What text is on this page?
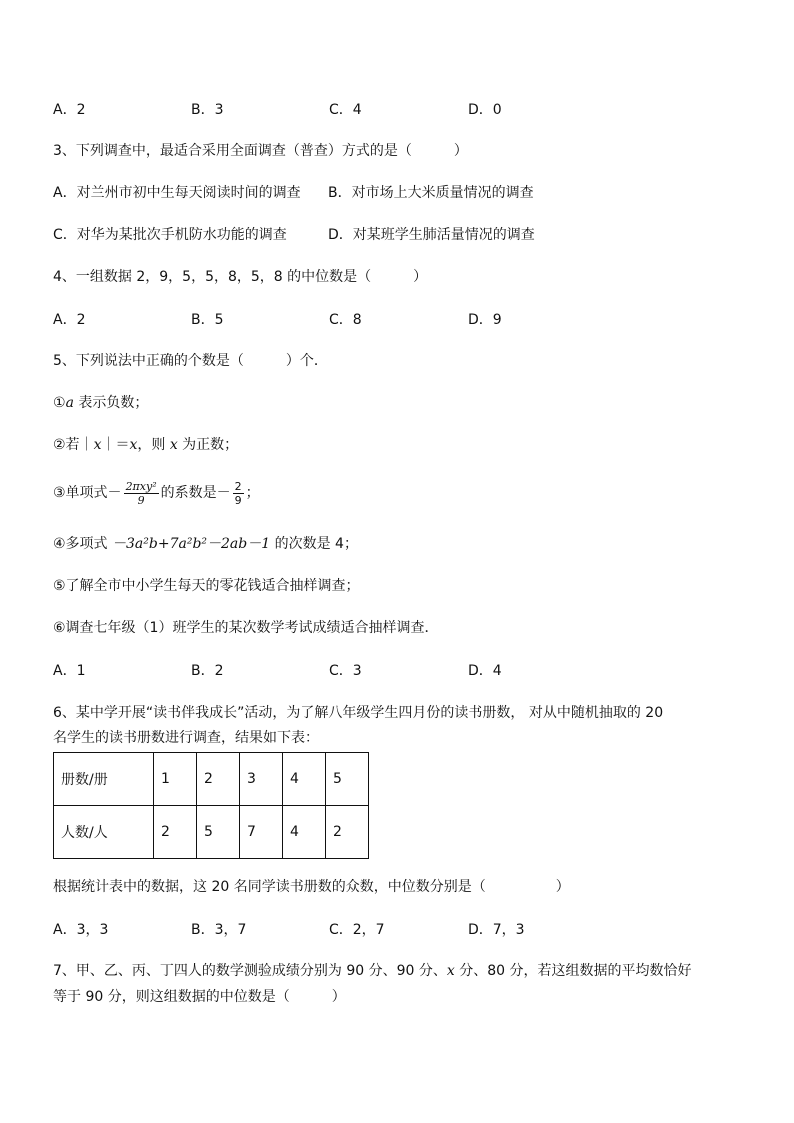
A．2	B．3	C．4	D．0
3、下列调查中，最适合采用全面调查（普查）方式的是（　　　）
A．对兰州市初中生每天阅读时间的调查 B．对市场上大米质量情况的调查
C．对华为某批次手机防水功能的调查	D．对某班学生肺活量情况的调查
4、一组数据 2，9，5，5，8，5，8 的中位数是（　　　）
A．2	B．5	C．8	D．9
5、下列说法中正确的个数是（　　　）个．
①a 表示负数；
②若｜x｜＝x，则 x 为正数；
③单项式－ $\frac{\text{2πxy²}}{9}$ 的系数是－ $\frac{2}{9}$ ；
④多项式 －3a²b+7a²b²－2ab－1 的次数是 4；
⑤了解全市中小学生每天的零花钱适合抽样调查；
⑥调查七年级（1）班学生的某次数学考试成绩适合抽样调查．
A．1	B．2	C．3	D．4
6、某中学开展“读书伴我成长”活动，为了解八年级学生四月份的读书册数， 对从中随机抽取的 20
名学生的读书册数进行调查，结果如下表：
册数/册	1	2	3	4	5
人数/人	2	5	7	4	2
根据统计表中的数据，这 20 名同学读书册数的众数，中位数分别是（　　　　　）
A．3，3	B．3，7	C．2，7	D．7，3
7、甲、乙、丙、丁四人的数学测验成绩分别为 90 分、90 分、x 分、80 分，若这组数据的平均数恰好
等于 90 分，则这组数据的中位数是（　　　）
